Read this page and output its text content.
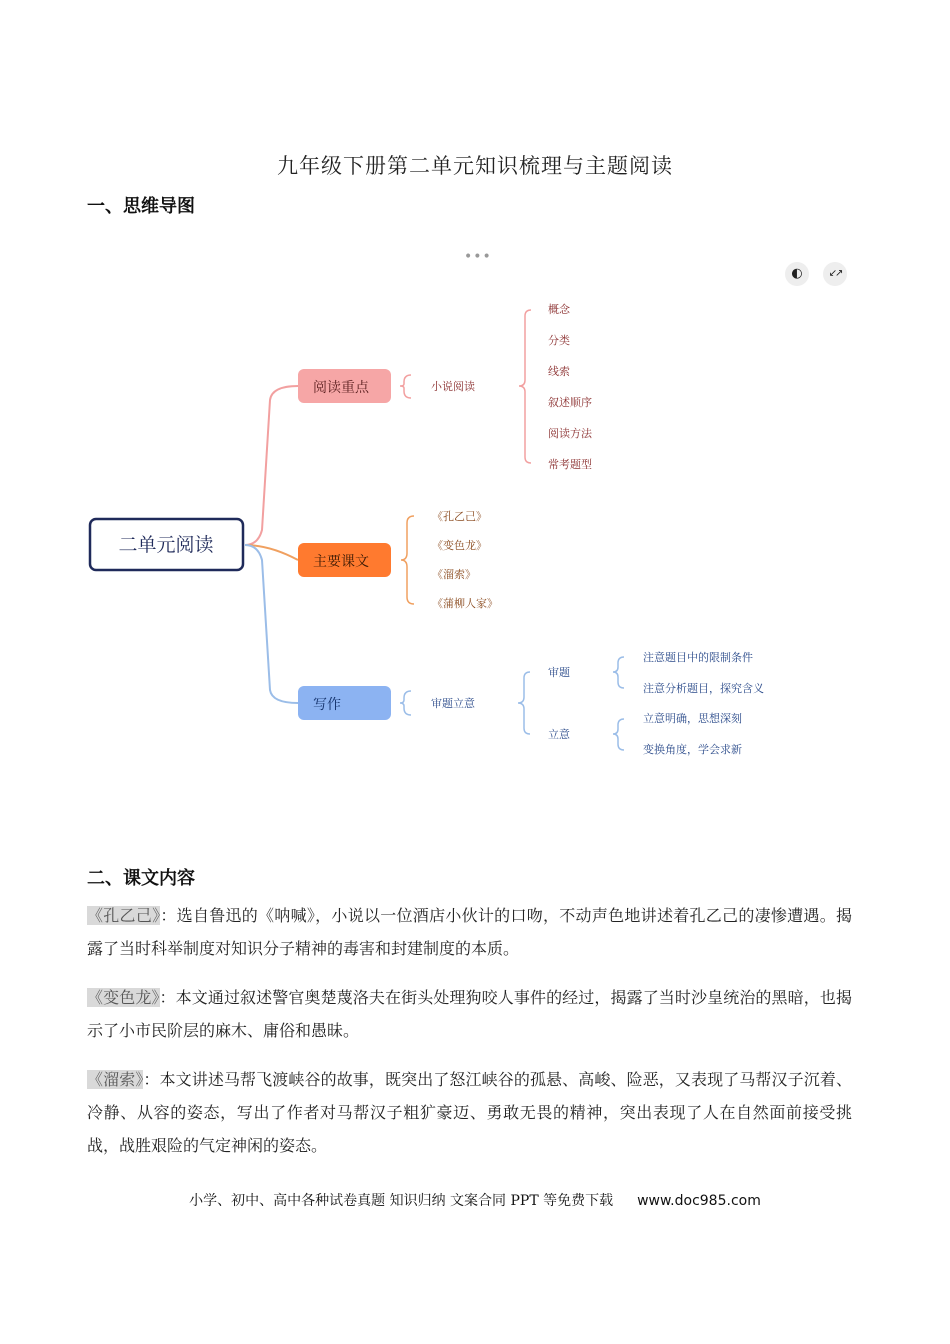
九年级下册第二单元知识梳理与主题阅读
一、思维导图
•••
◐	↙↗
二单元阅读
阅读重点	小说阅读
概念
分类
线索
叙述顺序
阅读方法
常考题型
主要课文
《孔乙己》
《变色龙》
《溜索》
《蒲柳人家》
写作	审题立意
审题
立意
注意题目中的限制条件
注意分析题目，探究含义
立意明确，思想深刻
变换角度，学会求新
二、课文内容
《孔乙己》：选自鲁迅的《呐喊》，小说以一位酒店小伙计的口吻，不动声色地讲述着孔乙己的凄惨遭遇。揭露了当时科举制度对知识分子精神的毒害和封建制度的本质。
《变色龙》：本文通过叙述警官奥楚蔑洛夫在街头处理狗咬人事件的经过，揭露了当时沙皇统治的黑暗，也揭示了小市民阶层的麻木、庸俗和愚昧。
《溜索》：本文讲述马帮飞渡峡谷的故事，既突出了怒江峡谷的孤悬、高峻、险恶，又表现了马帮汉子沉着、冷静、从容的姿态，写出了作者对马帮汉子粗犷豪迈、勇敢无畏的精神，突出表现了人在自然面前接受挑战，战胜艰险的气定神闲的姿态。
小学、初中、高中各种试卷真题 知识归纳 文案合同 PPT 等免费下载 www.doc985.com
